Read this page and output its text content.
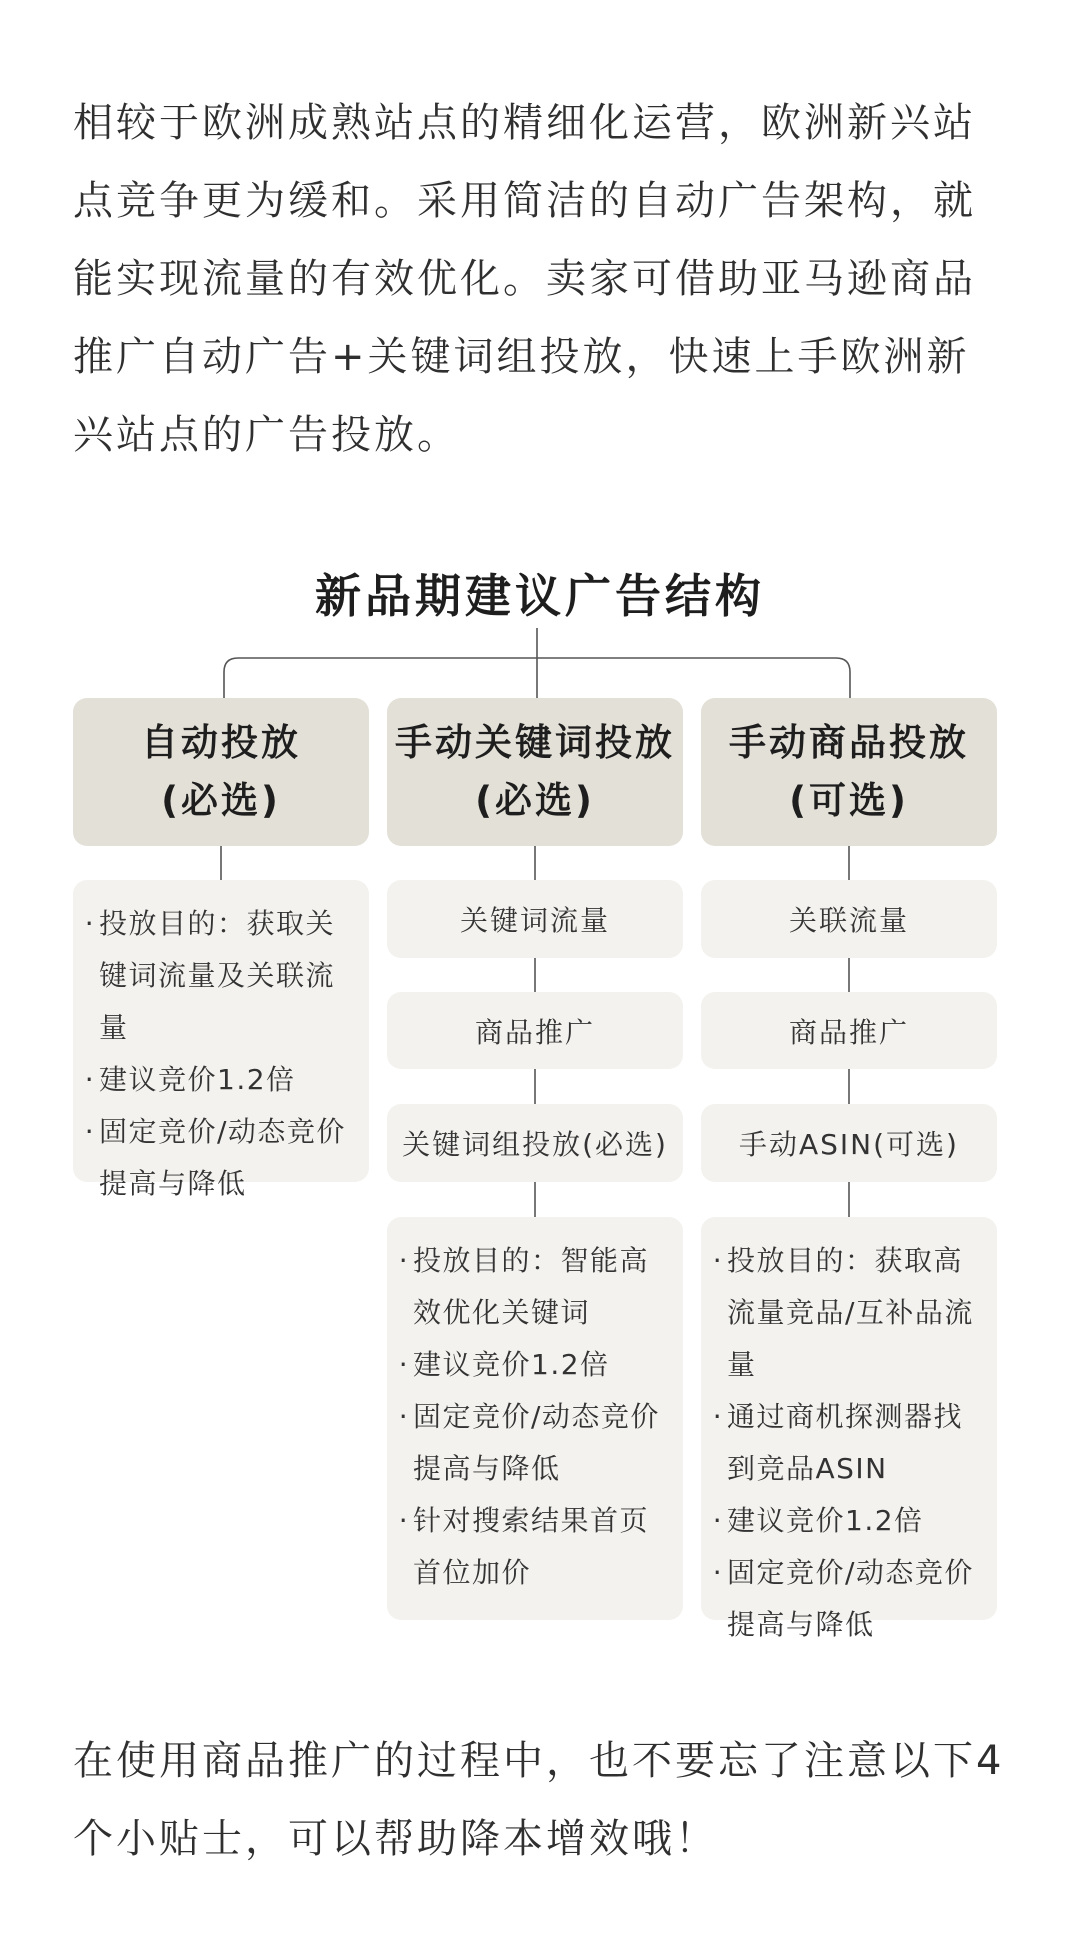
相较于欧洲成熟站点的精细化运营，欧洲新兴站点竞争更为缓和。采用简洁的自动广告架构，就能实现流量的有效优化。卖家可借助亚马逊商品推广自动广告+关键词组投放，快速上手欧洲新兴站点的广告投放。

新品期建议广告结构
自动投放
(必选)
· 投放目的：获取关键词流量及关联流量
· 建议竞价1.2倍
· 固定竞价/动态竞价提高与降低
手动关键词投放
(必选)
关键词流量
商品推广
关键词组投放(必选)
· 投放目的：智能高效优化关键词
· 建议竞价1.2倍
· 固定竞价/动态竞价提高与降低
· 针对搜索结果首页首位加价
手动商品投放
(可选)
关联流量
商品推广
手动ASIN(可选)
· 投放目的：获取高流量竞品/互补品流量
· 通过商机探测器找到竞品ASIN
· 建议竞价1.2倍
· 固定竞价/动态竞价提高与降低

在使用商品推广的过程中，也不要忘了注意以下4个小贴士，可以帮助降本增效哦！
